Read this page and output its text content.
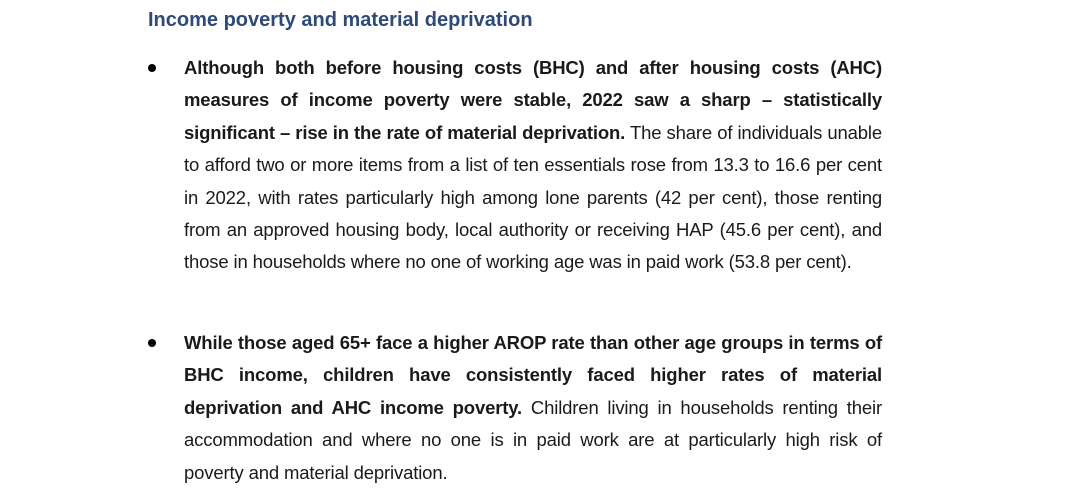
Income poverty and material deprivation

Although both before housing costs (BHC) and after housing costs (AHC) measures of income poverty were stable, 2022 saw a sharp – statistically significant – rise in the rate of material deprivation. The share of individuals unable to afford two or more items from a list of ten essentials rose from 13.3 to 16.6 per cent in 2022, with rates particularly high among lone parents (42 per cent), those renting from an approved housing body, local authority or receiving HAP (45.6 per cent), and those in households where no one of working age was in paid work (53.8 per cent).

While those aged 65+ face a higher AROP rate than other age groups in terms of BHC income, children have consistently faced higher rates of material deprivation and AHC income poverty. Children living in households renting their accommodation and where no one is in paid work are at particularly high risk of poverty and material deprivation.
